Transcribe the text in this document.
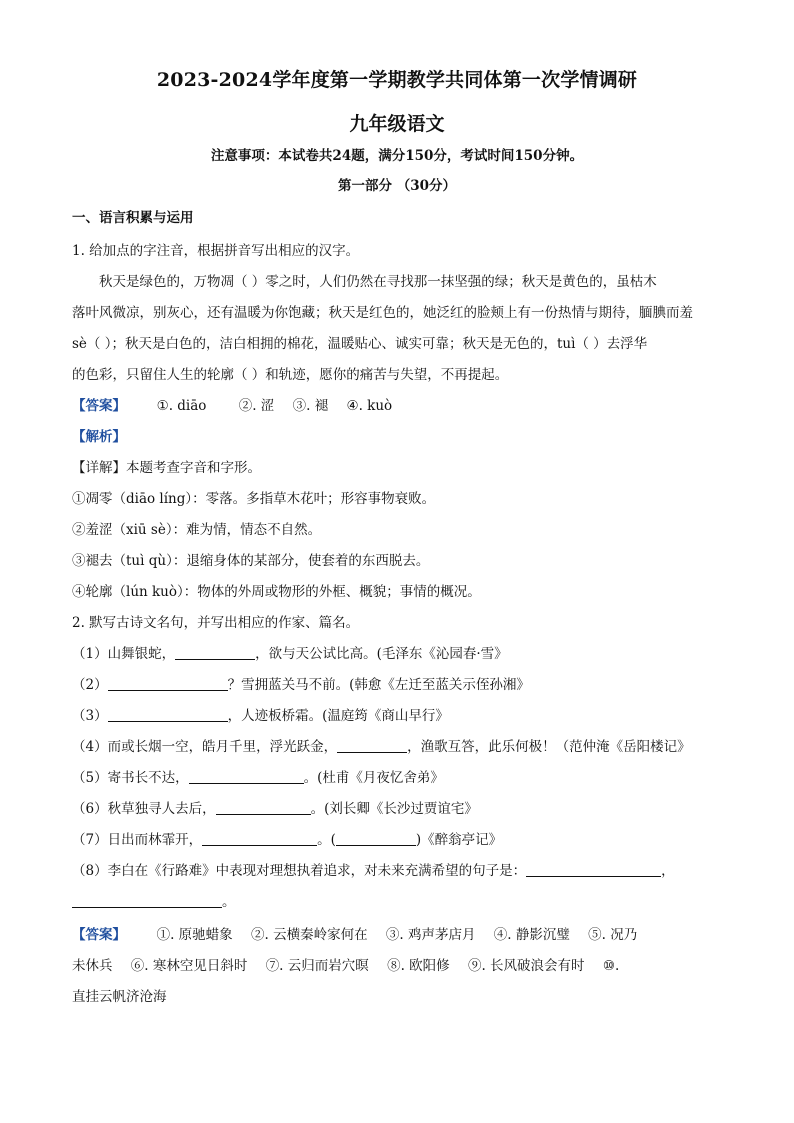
2023-2024学年度第一学期教学共同体第一次学情调研
九年级语文
注意事项：本试卷共24题，满分150分，考试时间150分钟。
第一部分 （30分）
一、语言积累与运用

1. 给加点的字注音，根据拼音写出相应的汉字。

秋天是绿色的，万物凋（ ）零之时，人们仍然在寻找那一抹坚强的绿；秋天是黄色的，虽枯木

落叶风微凉，别灰心，还有温暖为你饱藏；秋天是红色的，她泛红的脸颊上有一份热情与期待，腼腆而羞

sè（ ）；秋天是白色的，洁白相拥的棉花，温暖贴心、诚实可靠；秋天是无色的，tuì（ ）去浮华

的色彩，只留住人生的轮廓（ ）和轨迹，愿你的痛苦与失望，不再提起。

【答案】 ①. diāo ②. 涩 ③. 褪 ④. kuò

【解析】

【详解】本题考查字音和字形。

①凋零（diāo líng）：零落。多指草木花叶；形容事物衰败。

②羞涩（xiū sè）：难为情，情态不自然。

③褪去（tuì qù）：退缩身体的某部分，使套着的东西脱去。

④轮廓（lún kuò）：物体的外周或物形的外框、概貌；事情的概况。

2. 默写古诗文名句，并写出相应的作家、篇名。

（1）山舞银蛇，	，欲与天公试比高。(毛泽东《沁园春·雪》

（2）	？雪拥蓝关马不前。(韩愈《左迁至蓝关示侄孙湘》

（3）	，人迹板桥霜。(温庭筠《商山早行》

（4）而或长烟一空，皓月千里，浮光跃金，	，渔歌互答，此乐何极！（范仲淹《岳阳楼记》

（5）寄书长不达，	。(杜甫《月夜忆舍弟》

（6）秋草独寻人去后，	。(刘长卿《长沙过贾谊宅》

（7）日出而林霏开，	。(	)《醉翁亭记》

（8）李白在《行路难》中表现对理想执着追求，对未来充满希望的句子是：	，

。

【答案】 ①. 原驰蜡象 ②. 云横秦岭家何在 ③. 鸡声茅店月 ④. 静影沉璧 ⑤. 况乃

未休兵 ⑥. 寒林空见日斜时 ⑦. 云归而岩穴暝 ⑧. 欧阳修 ⑨. 长风破浪会有时 ⑩.

直挂云帆济沧海
